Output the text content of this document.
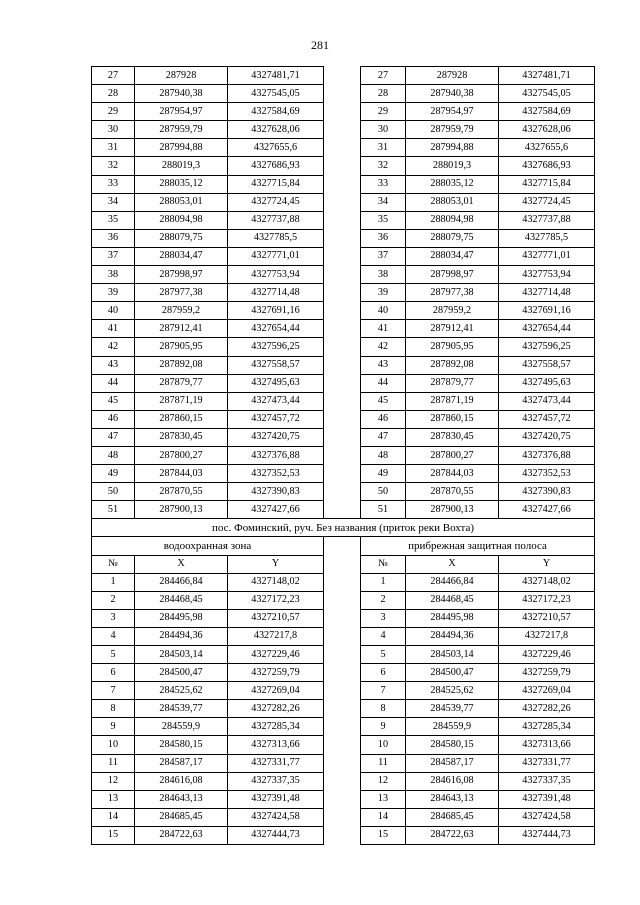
281
27	287928	4327481,71		27	287928	4327481,71
28	287940,38	4327545,05		28	287940,38	4327545,05
29	287954,97	4327584,69		29	287954,97	4327584,69
30	287959,79	4327628,06		30	287959,79	4327628,06
31	287994,88	4327655,6		31	287994,88	4327655,6
32	288019,3	4327686,93		32	288019,3	4327686,93
33	288035,12	4327715,84		33	288035,12	4327715,84
34	288053,01	4327724,45		34	288053,01	4327724,45
35	288094,98	4327737,88		35	288094,98	4327737,88
36	288079,75	4327785,5		36	288079,75	4327785,5
37	288034,47	4327771,01		37	288034,47	4327771,01
38	287998,97	4327753,94		38	287998,97	4327753,94
39	287977,38	4327714,48		39	287977,38	4327714,48
40	287959,2	4327691,16		40	287959,2	4327691,16
41	287912,41	4327654,44		41	287912,41	4327654,44
42	287905,95	4327596,25		42	287905,95	4327596,25
43	287892,08	4327558,57		43	287892,08	4327558,57
44	287879,77	4327495,63		44	287879,77	4327495,63
45	287871,19	4327473,44		45	287871,19	4327473,44
46	287860,15	4327457,72		46	287860,15	4327457,72
47	287830,45	4327420,75		47	287830,45	4327420,75
48	287800,27	4327376,88		48	287800,27	4327376,88
49	287844,03	4327352,53		49	287844,03	4327352,53
50	287870,55	4327390,83		50	287870,55	4327390,83
51	287900,13	4327427,66		51	287900,13	4327427,66
пос. Фоминский, руч. Без названия (приток реки Вохта)						
водоохранная зона				прибрежная защитная полоса		
№	X	Y		№	X	Y
1	284466,84	4327148,02		1	284466,84	4327148,02
2	284468,45	4327172,23		2	284468,45	4327172,23
3	284495,98	4327210,57		3	284495,98	4327210,57
4	284494,36	4327217,8		4	284494,36	4327217,8
5	284503,14	4327229,46		5	284503,14	4327229,46
6	284500,47	4327259,79		6	284500,47	4327259,79
7	284525,62	4327269,04		7	284525,62	4327269,04
8	284539,77	4327282,26		8	284539,77	4327282,26
9	284559,9	4327285,34		9	284559,9	4327285,34
10	284580,15	4327313,66		10	284580,15	4327313,66
11	284587,17	4327331,77		11	284587,17	4327331,77
12	284616,08	4327337,35		12	284616,08	4327337,35
13	284643,13	4327391,48		13	284643,13	4327391,48
14	284685,45	4327424,58		14	284685,45	4327424,58
15	284722,63	4327444,73		15	284722,63	4327444,73
